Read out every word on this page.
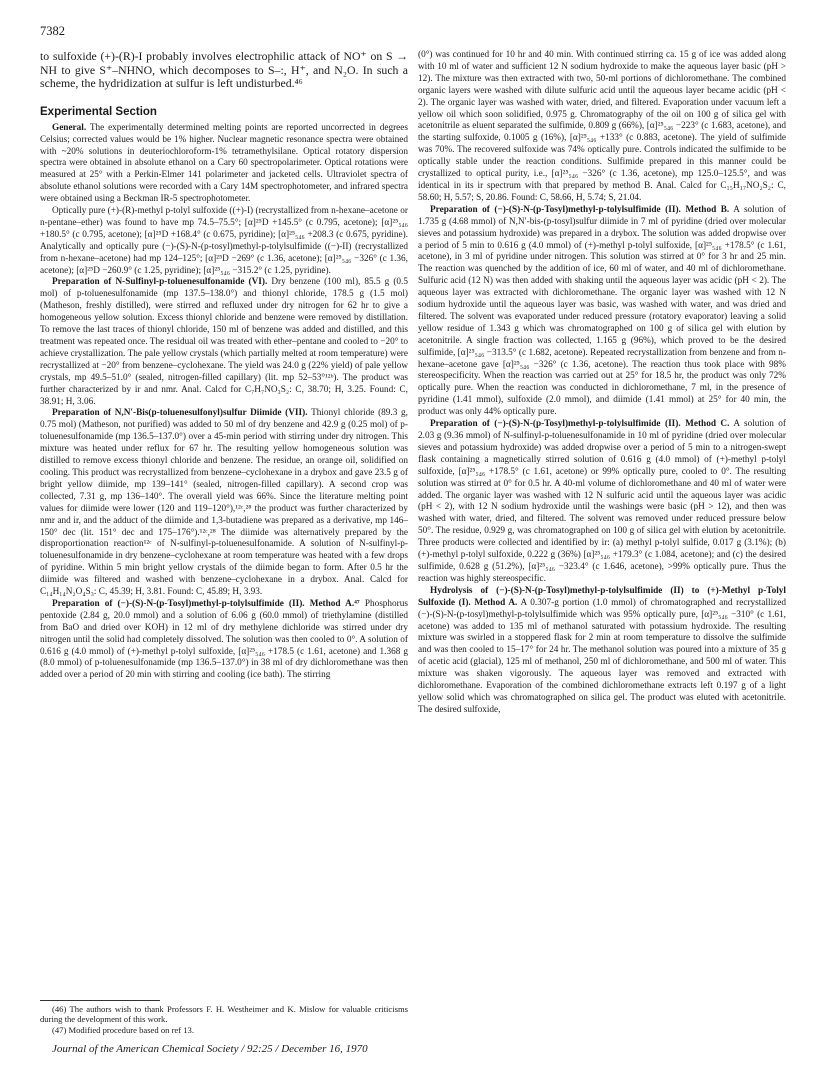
7382

to sulfoxide (+)-(R)-I probably involves electrophilic attack of NO⁺ on S → NH to give S⁺–NHNO, which decomposes to S–:, H⁺, and N₂O. In such a scheme, the hydridization at sulfur is left undisturbed.⁴⁶

Experimental Section

General. The experimentally determined melting points are reported uncorrected in degrees Celsius; corrected values would be 1% higher. Nuclear magnetic resonance spectra were obtained with ~20% solutions in deuteriochloroform-1% tetramethylsilane. Optical rotatory dispersion spectra were obtained in absolute ethanol on a Cary 60 spectropolarimeter. Optical rotations were measured at 25° with a Perkin-Elmer 141 polarimeter and jacketed cells. Ultraviolet spectra of absolute ethanol solutions were recorded with a Cary 14M spectrophotometer, and infrared spectra were obtained using a Beckman IR-5 spectrophotometer.

Optically pure (+)-(R)-methyl p-tolyl sulfoxide ((+)-I) (recrystallized from n-hexane–acetone or n-pentane–ether) was found to have mp 74.5–75.5°; [α]²⁵D +145.5° (c 0.795, acetone); [α]²⁵₅₄₆ +180.5° (c 0.795, acetone); [α]²⁵D +168.4° (c 0.675, pyridine); [α]²⁵₅₄₆ +208.3 (c 0.675, pyridine). Analytically and optically pure (−)-(S)-N-(p-tosyl)methyl-p-tolylsulfimide ((−)-II) (recrystallized from n-hexane–acetone) had mp 124–125°; [α]²⁵D −269° (c 1.36, acetone); [α]²⁵₅₄₆ −326° (c 1.36, acetone); [α]²⁵D −260.9° (c 1.25, pyridine); [α]²⁵₅₄₆ −315.2° (c 1.25, pyridine).

Preparation of N-Sulfinyl-p-toluenesulfonamide (VI). Dry benzene (100 ml), 85.5 g (0.5 mol) of p-toluenesulfonamide (mp 137.5–138.0°) and thionyl chloride, 178.5 g (1.5 mol) (Matheson, freshly distilled), were stirred and refluxed under dry nitrogen for 62 hr to give a homogeneous yellow solution. Excess thionyl chloride and benzene were removed by distillation. To remove the last traces of thionyl chloride, 150 ml of benzene was added and distilled, and this treatment was repeated once. The residual oil was treated with ether–pentane and cooled to −20° to achieve crystallization. The pale yellow crystals (which partially melted at room temperature) were recrystallized at −20° from benzene–cyclohexane. The yield was 24.0 g (22% yield) of pale yellow crystals, mp 49.5–51.0° (sealed, nitrogen-filled capillary) (lit. mp 52–53°¹²ᵇ). The product was further characterized by ir and nmr. Anal. Calcd for C₇H₇NO₃S₂: C, 38.70; H, 3.25. Found: C, 38.91; H, 3.06.

Preparation of N,N′-Bis(p-toluenesulfonyl)sulfur Diimide (VII). Thionyl chloride (89.3 g, 0.75 mol) (Matheson, not purified) was added to 50 ml of dry benzene and 42.9 g (0.25 mol) of p-toluenesulfonamide (mp 136.5–137.0°) over a 45-min period with stirring under dry nitrogen. This mixture was heated under reflux for 67 hr. The resulting yellow homogeneous solution was distilled to remove excess thionyl chloride and benzene. The residue, an orange oil, solidified on cooling. This product was recrystallized from benzene–cyclohexane in a drybox and gave 23.5 g of bright yellow diimide, mp 139–141° (sealed, nitrogen-filled capillary). A second crop was collected, 7.31 g, mp 136–140°. The overall yield was 66%. Since the literature melting point values for diimide were lower (120 and 119–120°),¹²ᶜ,²⁸ the product was further characterized by nmr and ir, and the adduct of the diimide and 1,3-butadiene was prepared as a derivative, mp 146–150° dec (lit. 151° dec and 175–176°).¹²ᶜ,²⁸ The diimide was alternatively prepared by the disproportionation reaction¹²ᶜ of N-sulfinyl-p-toluenesulfonamide. A solution of N-sulfinyl-p-toluenesulfonamide in dry benzene–cyclohexane at room temperature was heated with a few drops of pyridine. Within 5 min bright yellow crystals of the diimide began to form. After 0.5 hr the diimide was filtered and washed with benzene–cyclohexane in a drybox. Anal. Calcd for C₁₄H₁₄N₂O₄S₃: C, 45.39; H, 3.81. Found: C, 45.89; H, 3.93.

Preparation of (−)-(S)-N-(p-Tosyl)methyl-p-tolylsulfimide (II). Method A.⁴⁷ Phosphorus pentoxide (2.84 g, 20.0 mmol) and a solution of 6.06 g (60.0 mmol) of triethylamine (distilled from BaO and dried over KOH) in 12 ml of dry methylene dichloride was stirred under dry nitrogen until the solid had completely dissolved. The solution was then cooled to 0°. A solution of 0.616 g (4.0 mmol) of (+)-methyl p-tolyl sulfoxide, [α]²⁵₅₄₆ +178.5 (c 1.61, acetone) and 1.368 g (8.0 mmol) of p-toluenesulfonamide (mp 136.5–137.0°) in 38 ml of dry dichloromethane was then added over a period of 20 min with stirring and cooling (ice bath). The stirring

(0°) was continued for 10 hr and 40 min. With continued stirring ca. 15 g of ice was added along with 10 ml of water and sufficient 12 N sodium hydroxide to make the aqueous layer basic (pH > 12). The mixture was then extracted with two, 50-ml portions of dichloromethane. The combined organic layers were washed with dilute sulfuric acid until the aqueous layer became acidic (pH < 2). The organic layer was washed with water, dried, and filtered. Evaporation under vacuum left a yellow oil which soon solidified, 0.975 g. Chromatography of the oil on 100 g of silica gel with acetonitrile as eluent separated the sulfimide, 0.809 g (66%), [α]²⁵₅₄₆ −223° (c 1.683, acetone), and the starting sulfoxide, 0.1005 g (16%), [α]²⁵₅₄₆ +133° (c 0.883, acetone). The yield of sulfimide was 70%. The recovered sulfoxide was 74% optically pure. Controls indicated the sulfimide to be optically stable under the reaction conditions. Sulfimide prepared in this manner could be crystallized to optical purity, i.e., [α]²⁵₅₄₆ −326° (c 1.36, acetone), mp 125.0–125.5°, and was identical in its ir spectrum with that prepared by method B. Anal. Calcd for C₁₅H₁₇NO₂S₂: C, 58.60; H, 5.57; S, 20.86. Found: C, 58.66, H, 5.74; S, 21.04.

Preparation of (−)-(S)-N-(p-Tosyl)methyl-p-tolylsulfimide (II). Method B. A solution of 1.735 g (4.68 mmol) of N,N′-bis-(p-tosyl)sulfur diimide in 7 ml of pyridine (dried over molecular sieves and potassium hydroxide) was prepared in a drybox. The solution was added dropwise over a period of 5 min to 0.616 g (4.0 mmol) of (+)-methyl p-tolyl sulfoxide, [α]²⁵₅₄₆ +178.5° (c 1.61, acetone), in 3 ml of pyridine under nitrogen. This solution was stirred at 0° for 3 hr and 25 min. The reaction was quenched by the addition of ice, 60 ml of water, and 40 ml of dichloromethane. Sulfuric acid (12 N) was then added with shaking until the aqueous layer was acidic (pH < 2). The aqueous layer was extracted with dichloromethane. The organic layer was washed with 12 N sodium hydroxide until the aqueous layer was basic, was washed with water, and was dried and filtered. The solvent was evaporated under reduced pressure (rotatory evaporator) leaving a solid yellow residue of 1.343 g which was chromatographed on 100 g of silica gel with elution by acetonitrile. A single fraction was collected, 1.165 g (96%), which proved to be the desired sulfimide, [α]²⁵₅₄₆ −313.5° (c 1.682, acetone). Repeated recrystallization from benzene and from n-hexane–acetone gave [α]²⁵₅₄₆ −326° (c 1.36, acetone). The reaction thus took place with 98% stereospecificity. When the reaction was carried out at 25° for 18.5 hr, the product was only 72% optically pure. When the reaction was conducted in dichloromethane, 7 ml, in the presence of pyridine (1.41 mmol), sulfoxide (2.0 mmol), and diimide (1.41 mmol) at 25° for 40 min, the product was only 44% optically pure.

Preparation of (−)-(S)-N-(p-Tosyl)methyl-p-tolylsulfimide (II). Method C. A solution of 2.03 g (9.36 mmol) of N-sulfinyl-p-toluenesulfonamide in 10 ml of pyridine (dried over molecular sieves and potassium hydroxide) was added dropwise over a period of 5 min to a nitrogen-swept flask containing a magnetically stirred solution of 0.616 g (4.0 mmol) of (+)-methyl p-tolyl sulfoxide, [α]²⁵₅₄₆ +178.5° (c 1.61, acetone) or 99% optically pure, cooled to 0°. The resulting solution was stirred at 0° for 0.5 hr. A 40-ml volume of dichloromethane and 40 ml of water were added. The organic layer was washed with 12 N sulfuric acid until the aqueous layer was acidic (pH < 2), with 12 N sodium hydroxide until the washings were basic (pH > 12), and then was washed with water, dried, and filtered. The solvent was removed under reduced pressure below 50°. The residue, 0.929 g, was chromatographed on 100 g of silica gel with elution by acetonitrile. Three products were collected and identified by ir: (a) methyl p-tolyl sulfide, 0.017 g (3.1%); (b) (+)-methyl p-tolyl sulfoxide, 0.222 g (36%) [α]²⁵₅₄₆ +179.3° (c 1.084, acetone); and (c) the desired sulfimide, 0.628 g (51.2%), [α]²⁵₅₄₆ −323.4° (c 1.646, acetone), >99% optically pure. Thus the reaction was highly stereospecific.

Hydrolysis of (−)-(S)-N-(p-Tosyl)methyl-p-tolylsulfimide (II) to (+)-Methyl p-Tolyl Sulfoxide (I). Method A. A 0.307-g portion (1.0 mmol) of chromatographed and recrystallized (−)-(S)-N-(p-tosyl)methyl-p-tolylsulfimide which was 95% optically pure, [α]²⁵₅₄₆ −310° (c 1.61, acetone) was added to 135 ml of methanol saturated with potassium hydroxide. The resulting mixture was swirled in a stoppered flask for 2 min at room temperature to dissolve the sulfimide and was then cooled to 15–17° for 24 hr. The methanol solution was poured into a mixture of 35 g of acetic acid (glacial), 125 ml of methanol, 250 ml of dichloromethane, and 500 ml of water. This mixture was shaken vigorously. The aqueous layer was removed and extracted with dichloromethane. Evaporation of the combined dichloromethane extracts left 0.197 g of a light yellow solid which was chromatographed on silica gel. The product was eluted with acetonitrile. The desired sulfoxide,

(46) The authors wish to thank Professors F. H. Westheimer and K. Mislow for valuable criticisms during the development of this work.

(47) Modified procedure based on ref 13.

Journal of the American Chemical Society / 92:25 / December 16, 1970
